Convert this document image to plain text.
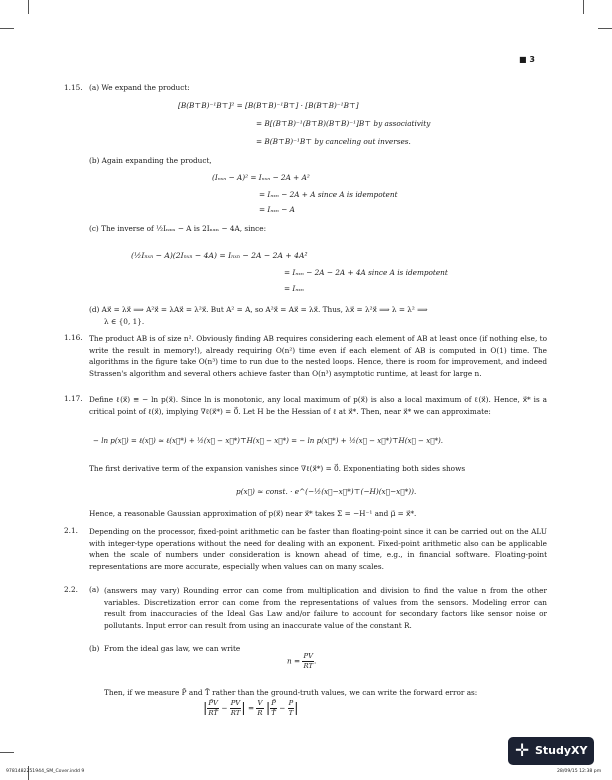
■ 3
1.15. (a) We expand the product:
[B(B⊤B)⁻¹B⊤]² = [B(B⊤B)⁻¹B⊤] · [B(B⊤B)⁻¹B⊤]
= B[(B⊤B)⁻¹(B⊤B)(B⊤B)⁻¹]B⊤ by associativity
= B(B⊤B)⁻¹B⊤ by canceling out inverses.
(b) Again expanding the product,
(Iₙₓₙ − A)² = Iₙₓₙ − 2A + A²
= Iₙₓₙ − 2A + A since A is idempotent
= Iₙₓₙ − A
(c) The inverse of ½Iₙₓₙ − A is 2Iₙₓₙ − 4A, since:
(½Iₙₓₙ − A)(2Iₙₓₙ − 4A) = Iₙₓₙ − 2A − 2A + 4A²
= Iₙₓₙ − 2A − 2A + 4A since A is idempotent
= Iₙₓₙ
(d) Ax⃗ = λx⃗ ⟹ A²x⃗ = λAx⃗ = λ²x⃗. But A² = A, so A²x⃗ = Ax⃗ = λx⃗. Thus, λx⃗ = λ²x⃗ ⟹ λ = λ² ⟹
λ ∈ {0, 1}.
1.16. The product AB is of size n². Obviously finding AB requires considering each element of AB at least once (if nothing else, to write the result in memory!), already requiring O(n²) time even if each element of AB is computed in O(1) time. The algorithms in the figure take O(n³) time to run due to the nested loops. Hence, there is room for improvement, and indeed Strassen's algorithm and several others achieve faster than O(n³) asymptotic runtime, at least for large n.
1.17. Define ℓ(x⃗) ≡ − ln p(x⃗). Since ln is monotonic, any local maximum of p(x⃗) is also a local maximum of ℓ(x⃗). Hence, x⃗* is a critical point of ℓ(x⃗), implying ∇ℓ(x⃗*) = 0⃗. Let H be the Hessian of ℓ at x⃗*. Then, near x⃗* we can approximate:
− ln p(x⃗) = ℓ(x⃗) ≈ ℓ(x⃗*) + ½(x⃗ − x⃗*)⊤H(x⃗ − x⃗*) = − ln p(x⃗*) + ½(x⃗ − x⃗*)⊤H(x⃗ − x⃗*).
The first derivative term of the expansion vanishes since ∇ℓ(x⃗*) = 0⃗. Exponentiating both sides shows
p(x⃗) ≈ const. · e^(−½(x⃗−x⃗*)⊤(−H)(x⃗−x⃗*)).
Hence, a reasonable Gaussian approximation of p(x⃗) near x⃗* takes Σ = −H⁻¹ and μ⃗ = x⃗*.
2.1. Depending on the processor, fixed-point arithmetic can be faster than floating-point since it can be carried out on the ALU with integer-type operations without the need for dealing with an exponent. Fixed-point arithmetic also can be applicable when the scale of numbers under consideration is known ahead of time, e.g., in financial software. Floating-point representations are more accurate, especially when values can on many scales.
2.2. (a) (answers may vary) Rounding error can come from multiplication and division to find the value n from the other variables. Discretization error can come from the representations of values from the sensors. Modeling error can result from inaccuracies of the Ideal Gas Law and/or failure to account for secondary factors like sensor noise or pollutants. Input error can result from using an inaccurate value of the constant R.
(b) From the ideal gas law, we can write
$n = \frac{PV}{RT}$ .
Then, if we measure P̄ and T̄ rather than the ground-truth values, we can write the forward error as:
| $\frac{P̄V}{RT̄} - \frac{PV}{RT}$ | = $\frac{V}{R}$ | $\frac{P̄}{T̄} - \frac{P}{T}$ |
9781482251944_SM_Cover.indd 9	28/09/15 12:38 pm
✛ StudyXY
